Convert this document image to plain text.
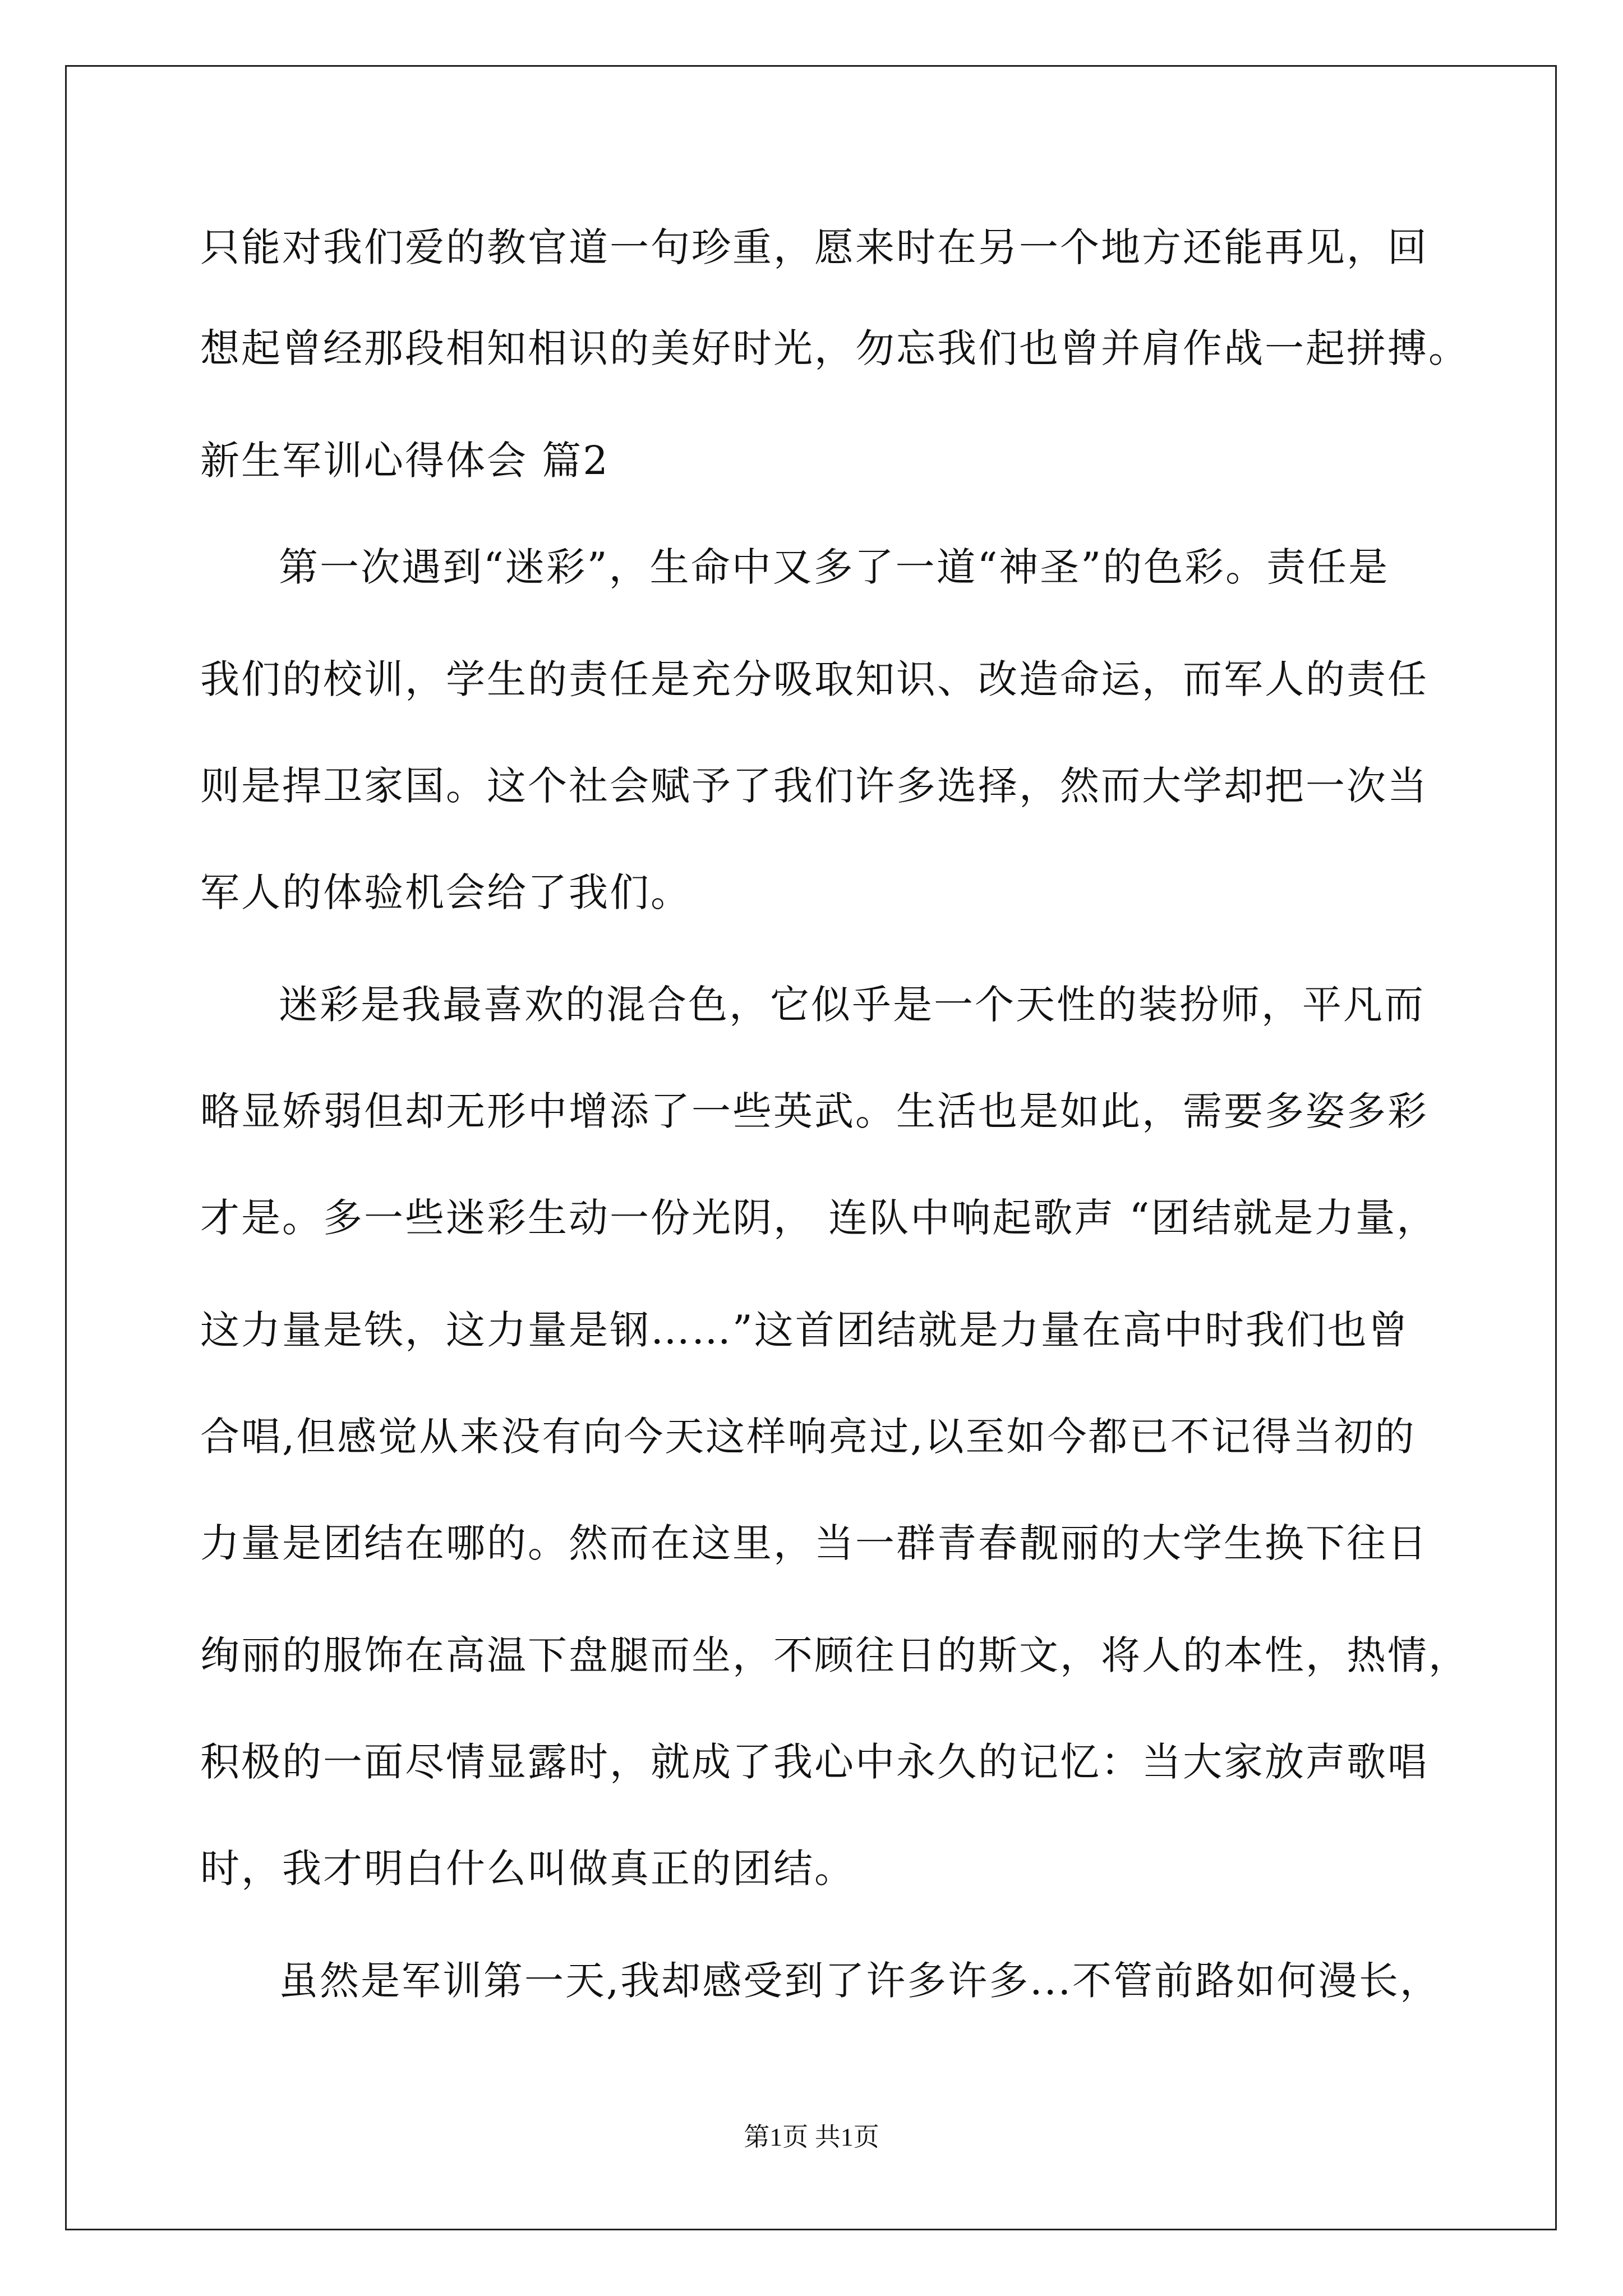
只能对我们爱的教官道一句珍重，愿来时在另一个地方还能再见，回
想起曾经那段相知相识的美好时光，勿忘我们也曾并肩作战一起拼搏。
新生军训心得体会 篇2
第一次遇到“迷彩”，生命中又多了一道“神圣”的色彩。责任是
我们的校训，学生的责任是充分吸取知识、改造命运，而军人的责任
则是捍卫家国。这个社会赋予了我们许多选择，然而大学却把一次当
军人的体验机会给了我们。
迷彩是我最喜欢的混合色，它似乎是一个天性的装扮师，平凡而
略显娇弱但却无形中增添了一些英武。生活也是如此，需要多姿多彩
才是。多一些迷彩生动一份光阴， 连队中响起歌声 “团结就是力量，
这力量是铁，这力量是钢……”这首团结就是力量在高中时我们也曾
合唱,但感觉从来没有向今天这样响亮过,以至如今都已不记得当初的
力量是团结在哪的。然而在这里，当一群青春靓丽的大学生换下往日
绚丽的服饰在高温下盘腿而坐，不顾往日的斯文，将人的本性，热情，
积极的一面尽情显露时，就成了我心中永久的记忆：当大家放声歌唱
时，我才明白什么叫做真正的团结。
虽然是军训第一天,我却感受到了许多许多...不管前路如何漫长，
第1页 共1页
